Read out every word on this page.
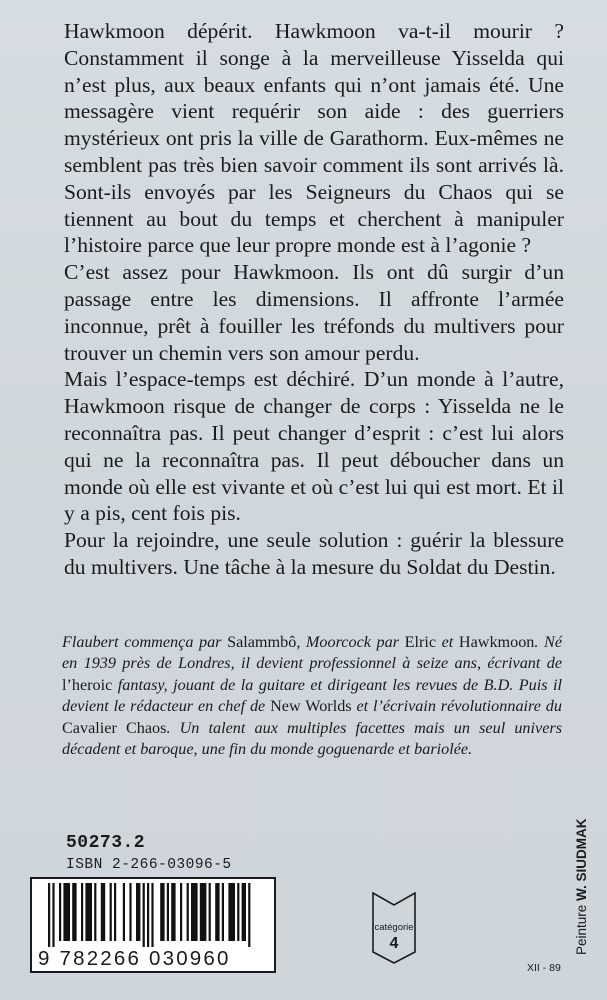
Hawkmoon dépérit. Hawkmoon va-t-il mourir ? Constamment il songe à la merveilleuse Yisselda qui n’est plus, aux beaux enfants qui n’ont jamais été. Une messagère vient requérir son aide : des guerriers mystérieux ont pris la ville de Garathorm. Eux-mêmes ne semblent pas très bien savoir comment ils sont arrivés là. Sont-ils envoyés par les Seigneurs du Chaos qui se tiennent au bout du temps et cherchent à manipuler l’histoire parce que leur propre monde est à l’agonie ?

C’est assez pour Hawkmoon. Ils ont dû surgir d’un passage entre les dimensions. Il affronte l’armée inconnue, prêt à fouiller les tréfonds du multivers pour trouver un chemin vers son amour perdu.

Mais l’espace-temps est déchiré. D’un monde à l’autre, Hawkmoon risque de changer de corps : Yisselda ne le reconnaîtra pas. Il peut changer d’esprit : c’est lui alors qui ne la reconnaîtra pas. Il peut déboucher dans un monde où elle est vivante et où c’est lui qui est mort. Et il y a pis, cent fois pis.

Pour la rejoindre, une seule solution : guérir la blessure du multivers. Une tâche à la mesure du Soldat du Destin.

Flaubert commença par Salammbô, Moorcock par Elric et Hawkmoon. Né en 1939 près de Londres, il devient professionnel à seize ans, écrivant de l’heroic fantasy, jouant de la guitare et dirigeant les revues de B.D. Puis il devient le rédacteur en chef de New Worlds et l’écrivain révolutionnaire du Cavalier Chaos. Un talent aux multiples facettes mais un seul univers décadent et baroque, une fin du monde goguenarde et bariolée.
50273.2
ISBN 2-266-03096-5
9 782266 030960
catégorie
4	Peinture W. SIUDMAK
XII - 89
